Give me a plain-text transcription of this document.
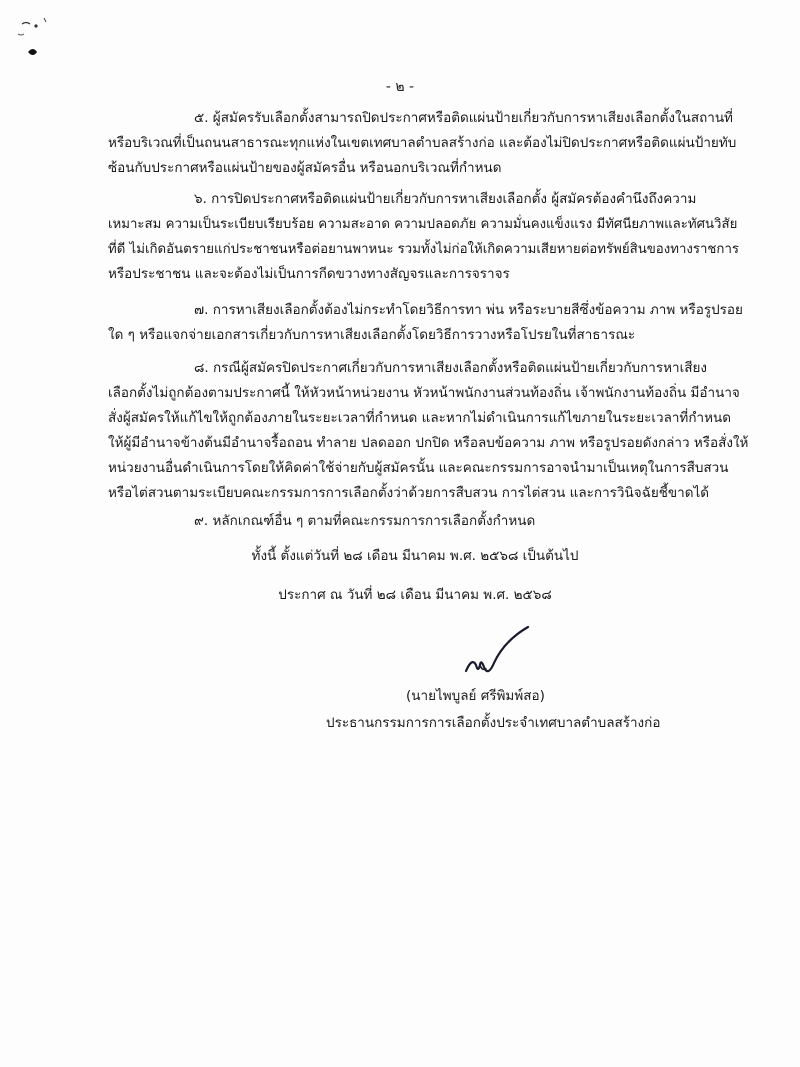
- ๒ -

๕. ผู้สมัครรับเลือกตั้งสามารถปิดประกาศหรือติดแผ่นป้ายเกี่ยวกับการหาเสียงเลือกตั้งในสถานที่

หรือบริเวณที่เป็นถนนสาธารณะทุกแห่งในเขตเทศบาลตำบลสร้างก่อ และต้องไม่ปิดประกาศหรือติดแผ่นป้ายทับ

ซ้อนกับประกาศหรือแผ่นป้ายของผู้สมัครอื่น หรือนอกบริเวณที่กำหนด

๖. การปิดประกาศหรือติดแผ่นป้ายเกี่ยวกับการหาเสียงเลือกตั้ง ผู้สมัครต้องคำนึงถึงความ

เหมาะสม ความเป็นระเบียบเรียบร้อย ความสะอาด ความปลอดภัย ความมั่นคงแข็งแรง มีทัศนียภาพและทัศนวิสัย

ที่ดี ไม่เกิดอันตรายแก่ประชาชนหรือต่อยานพาหนะ รวมทั้งไม่ก่อให้เกิดความเสียหายต่อทรัพย์สินของทางราชการ

หรือประชาชน และจะต้องไม่เป็นการกีดขวางทางสัญจรและการจราจร

๗. การหาเสียงเลือกตั้งต้องไม่กระทำโดยวิธีการทา พ่น หรือระบายสีซึ่งข้อความ ภาพ หรือรูปรอย

ใด ๆ หรือแจกจ่ายเอกสารเกี่ยวกับการหาเสียงเลือกตั้งโดยวิธีการวางหรือโปรยในที่สาธารณะ

๘. กรณีผู้สมัครปิดประกาศเกี่ยวกับการหาเสียงเลือกตั้งหรือติดแผ่นป้ายเกี่ยวกับการหาเสียง

เลือกตั้งไม่ถูกต้องตามประกาศนี้ ให้หัวหน้าหน่วยงาน หัวหน้าพนักงานส่วนท้องถิ่น เจ้าพนักงานท้องถิ่น มีอำนาจ

สั่งผู้สมัครให้แก้ไขให้ถูกต้องภายในระยะเวลาที่กำหนด และหากไม่ดำเนินการแก้ไขภายในระยะเวลาที่กำหนด

ให้ผู้มีอำนาจข้างต้นมีอำนาจรื้อถอน ทำลาย ปลดออก ปกปิด หรือลบข้อความ ภาพ หรือรูปรอยดังกล่าว หรือสั่งให้

หน่วยงานอื่นดำเนินการโดยให้คิดค่าใช้จ่ายกับผู้สมัครนั้น และคณะกรรมการอาจนำมาเป็นเหตุในการสืบสวน

หรือไต่สวนตามระเบียบคณะกรรมการการเลือกตั้งว่าด้วยการสืบสวน การไต่สวน และการวินิจฉัยชี้ขาดได้

๙. หลักเกณฑ์อื่น ๆ ตามที่คณะกรรมการการเลือกตั้งกำหนด

ทั้งนี้ ตั้งแต่วันที่ ๒๘ เดือน มีนาคม พ.ศ. ๒๕๖๘ เป็นต้นไป
ประกาศ ณ วันที่ ๒๘ เดือน มีนาคม พ.ศ. ๒๕๖๘
(นายไพบูลย์ ศรีพิมพ์สอ)
ประธานกรรมการการเลือกตั้งประจำเทศบาลตำบลสร้างก่อ
